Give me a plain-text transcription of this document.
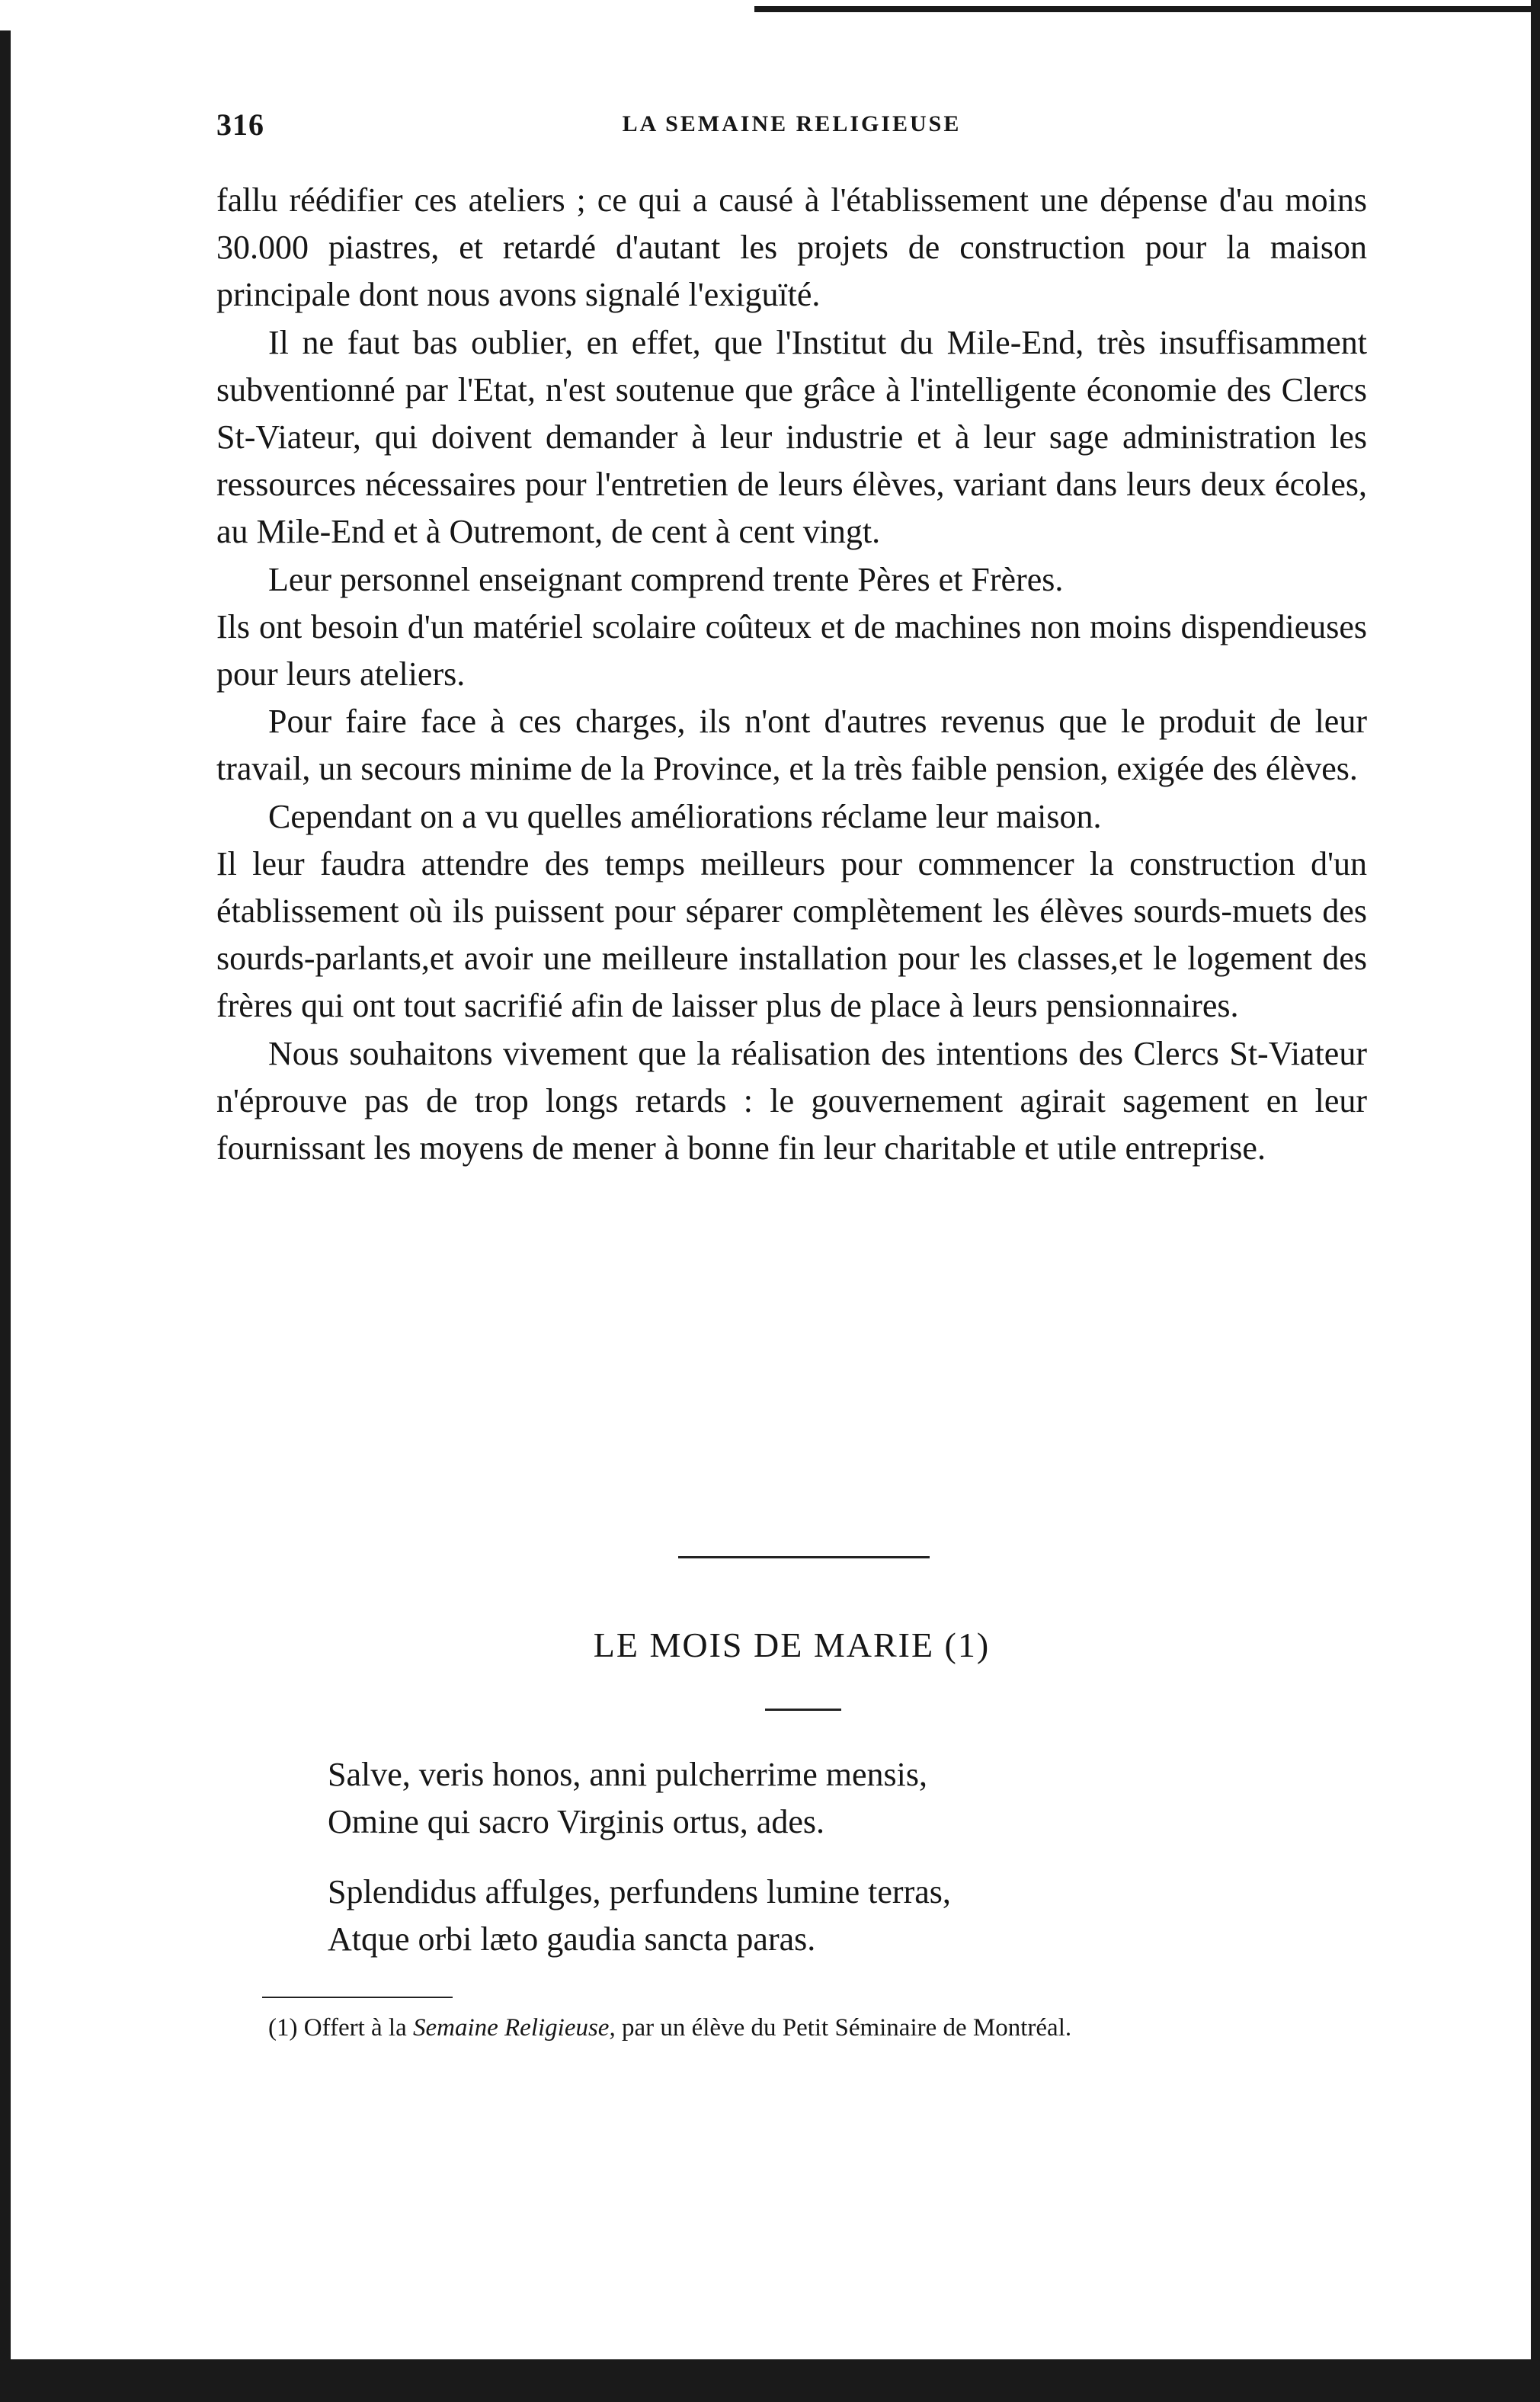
316	LA SEMAINE RELIGIEUSE

fallu réédifier ces ateliers ; ce qui a causé à l'établissement une dépense d'au moins 30.000 piastres, et retardé d'autant les projets de construction pour la maison principale dont nous avons signalé l'exiguïté.

Il ne faut bas oublier, en effet, que l'Institut du Mile-End, très insuffisamment subventionné par l'Etat, n'est soutenue que grâce à l'intelligente économie des Clercs St-Viateur, qui doivent demander à leur industrie et à leur sage administration les ressources nécessaires pour l'entretien de leurs élèves, variant dans leurs deux écoles, au Mile-End et à Outremont, de cent à cent vingt.

Leur personnel enseignant comprend trente Pères et Frères.

Ils ont besoin d'un matériel scolaire coûteux et de machines non moins dispendieuses pour leurs ateliers.

Pour faire face à ces charges, ils n'ont d'autres revenus que le produit de leur travail, un secours minime de la Province, et la très faible pension, exigée des élèves.

Cependant on a vu quelles améliorations réclame leur maison.

Il leur faudra attendre des temps meilleurs pour commencer la construction d'un établissement où ils puissent pour séparer complètement les élèves sourds-muets des sourds-parlants,et avoir une meilleure installation pour les classes,et le logement des frères qui ont tout sacrifié afin de laisser plus de place à leurs pensionnaires.

Nous souhaitons vivement que la réalisation des intentions des Clercs St-Viateur n'éprouve pas de trop longs retards : le gouvernement agirait sagement en leur fournissant les moyens de mener à bonne fin leur charitable et utile entreprise.

LE MOIS DE MARIE (1)
Salve, veris honos, anni pulcherrime mensis,
Omine qui sacro Virginis ortus, ades.
Splendidus affulges, perfundens lumine terras,
Atque orbi læto gaudia sancta paras.
(1) Offert à la Semaine Religieuse, par un élève du Petit Séminaire de Montréal.
